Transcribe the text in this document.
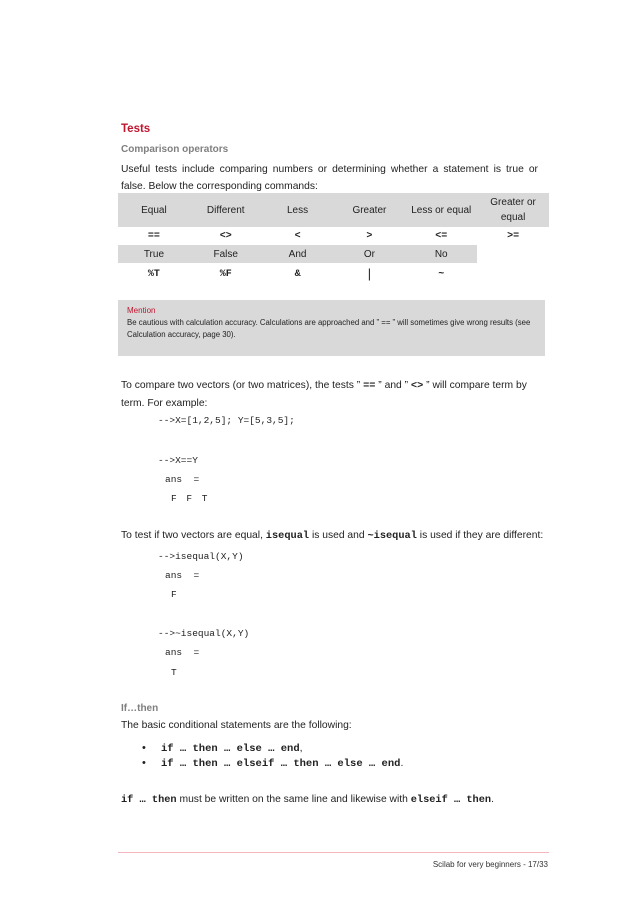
Tests
Comparison operators
Useful tests include comparing numbers or determining whether a statement is true or false. Below the corresponding commands:
Equal	Different	Less	Greater	Less or equal	Greater or equal
==	<>	<	>	<=	>=
True	False	And	Or	No	
%T	%F	&	|	~	
Mention
Be cautious with calculation accuracy. Calculations are approached and ” == ” will sometimes give wrong results (see Calculation accuracy, page 30).
To compare two vectors (or two matrices), the tests ” == ” and ” <> ” will compare term by term. For example:
-->X=[1,2,5]; Y=[5,3,5];
-->X==Y
ans  =
F F T
To test if two vectors are equal, isequal is used and ~isequal is used if they are different:
-->isequal(X,Y)
ans  =
F
-->~isequal(X,Y)
ans  =
T
If…then
The basic conditional statements are the following:
• if … then … else … end,
• if … then … elseif … then … else … end.
if … then must be written on the same line and likewise with elseif … then.
Scilab for very beginners - 17/33
